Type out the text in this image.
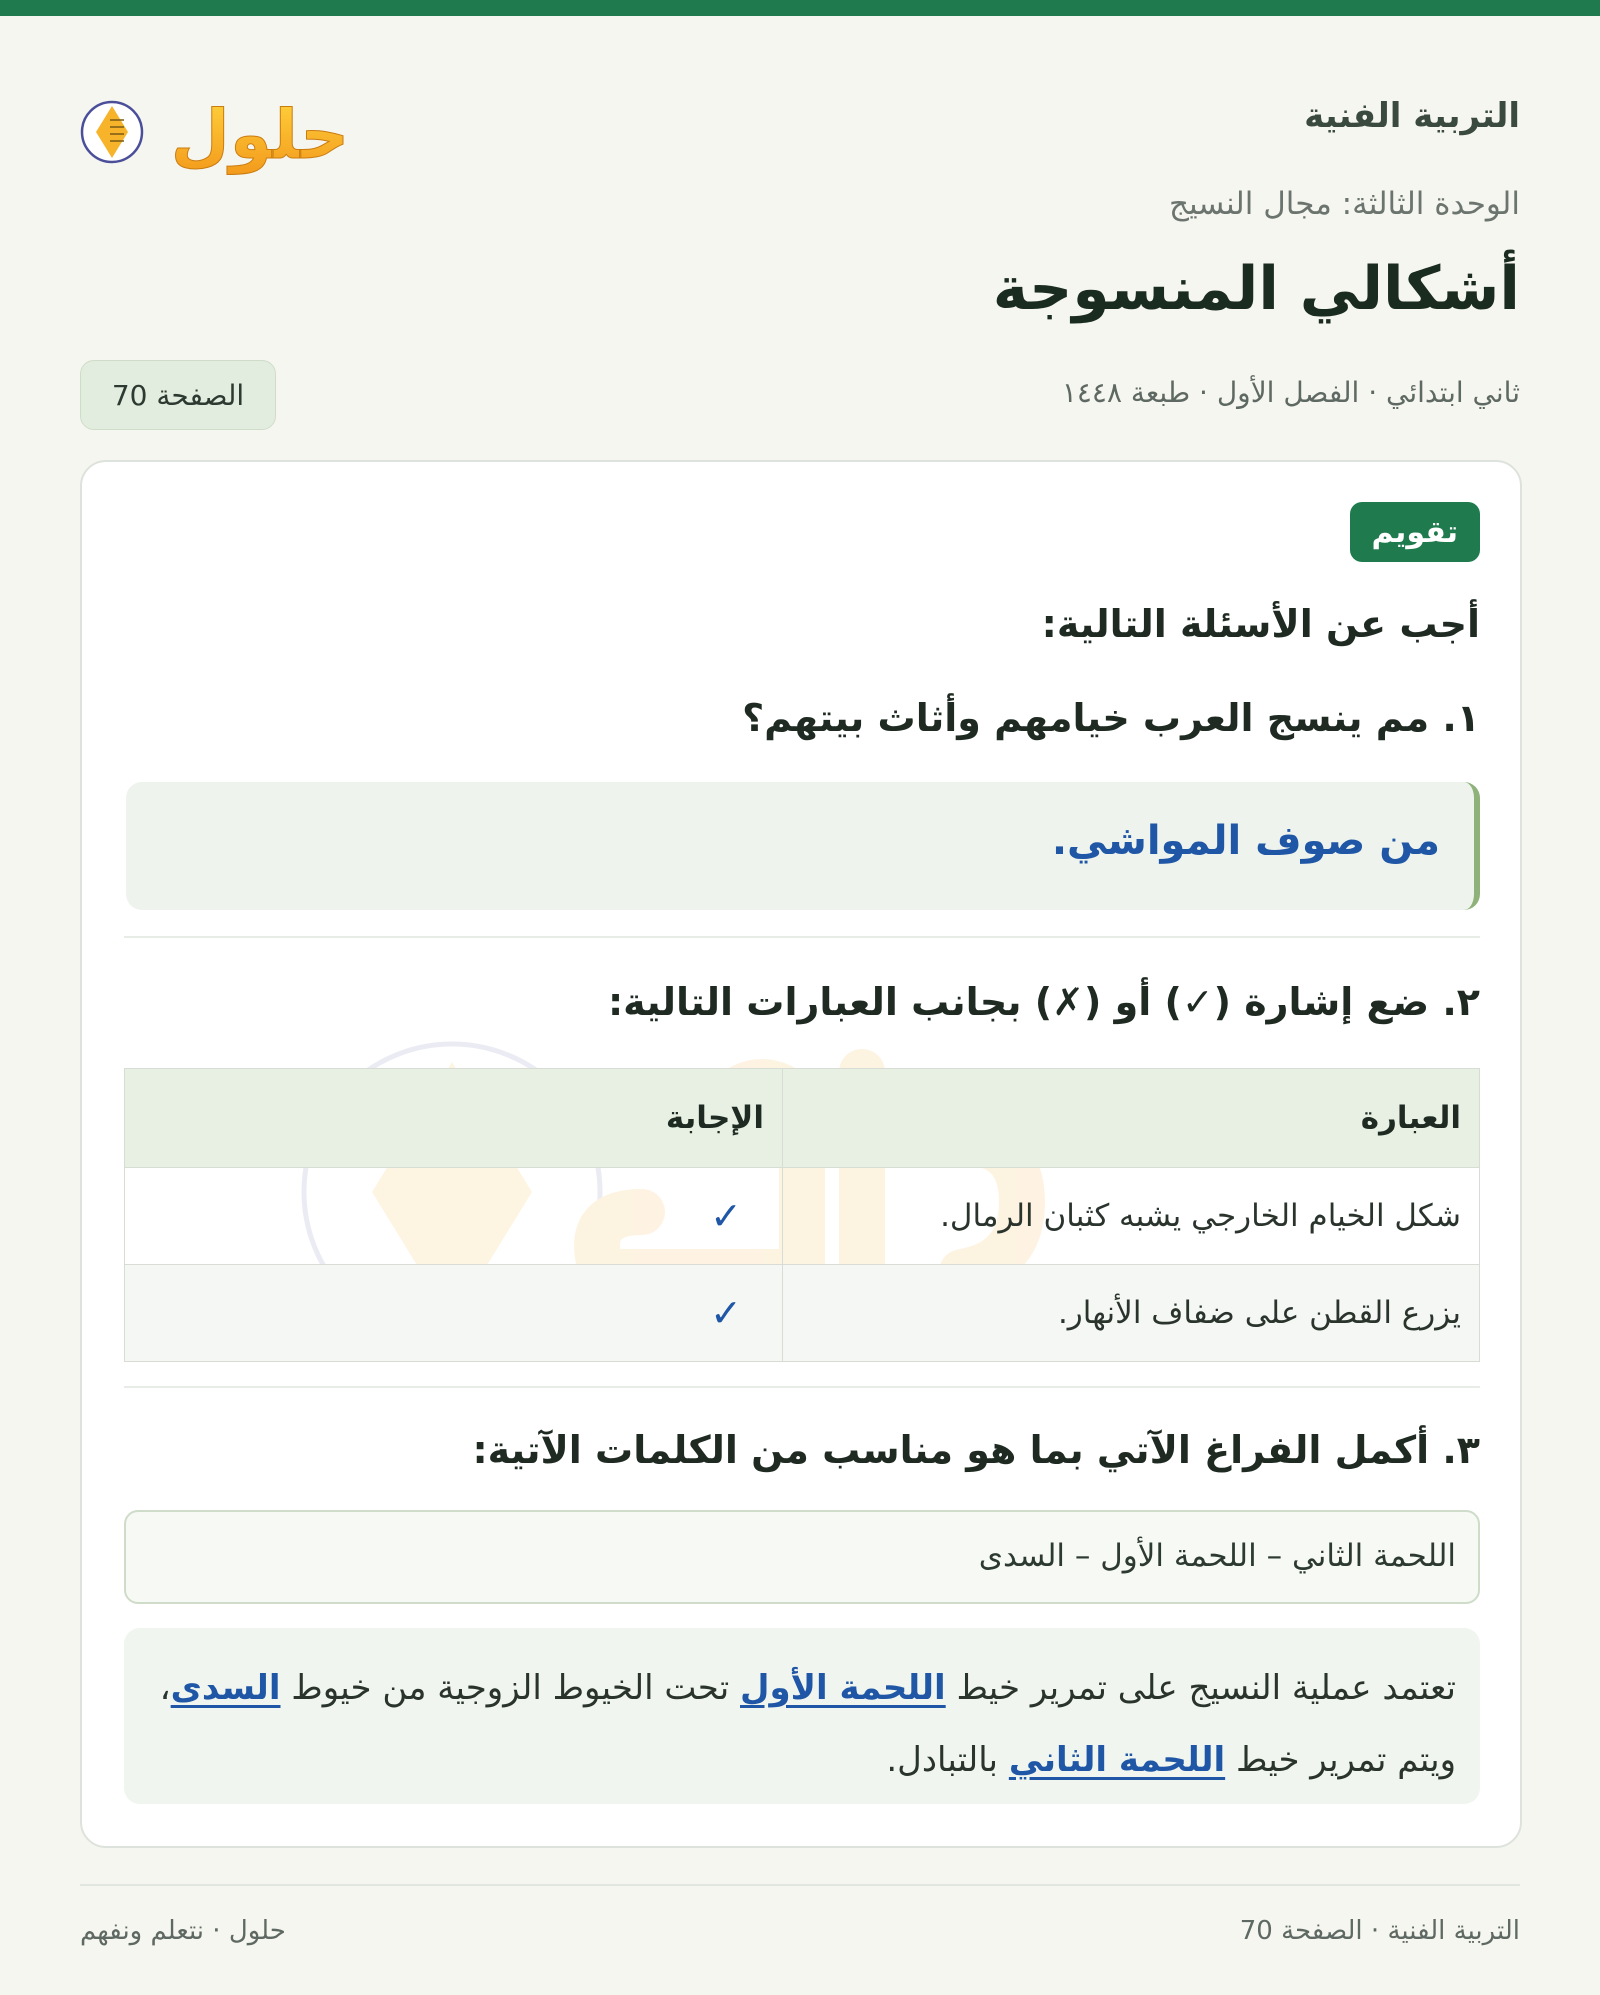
التربية الفنية
حلول
الوحدة الثالثة: مجال النسيج
أشكالي المنسوجة
ثاني ابتدائي · الفصل الأول · طبعة ١٤٤٨
الصفحة 70
تقويم
أجب عن الأسئلة التالية:
١. مم ينسج العرب خيامهم وأثاث بيتهم؟
من صوف المواشي.
٢. ضع إشارة (✓) أو (✗) بجانب العبارات التالية:
العبارة	الإجابة
شكل الخيام الخارجي يشبه كثبان الرمال.	✓
يزرع القطن على ضفاف الأنهار.	✓
٣. أكمل الفراغ الآتي بما هو مناسب من الكلمات الآتية:
اللحمة الثاني – اللحمة الأول – السدى
تعتمد عملية النسيج على تمرير خيط اللحمة الأول تحت الخيوط الزوجية من خيوط السدى، ويتم تمرير خيط اللحمة الثاني بالتبادل.
التربية الفنية · الصفحة 70
حلول · نتعلم ونفهم
